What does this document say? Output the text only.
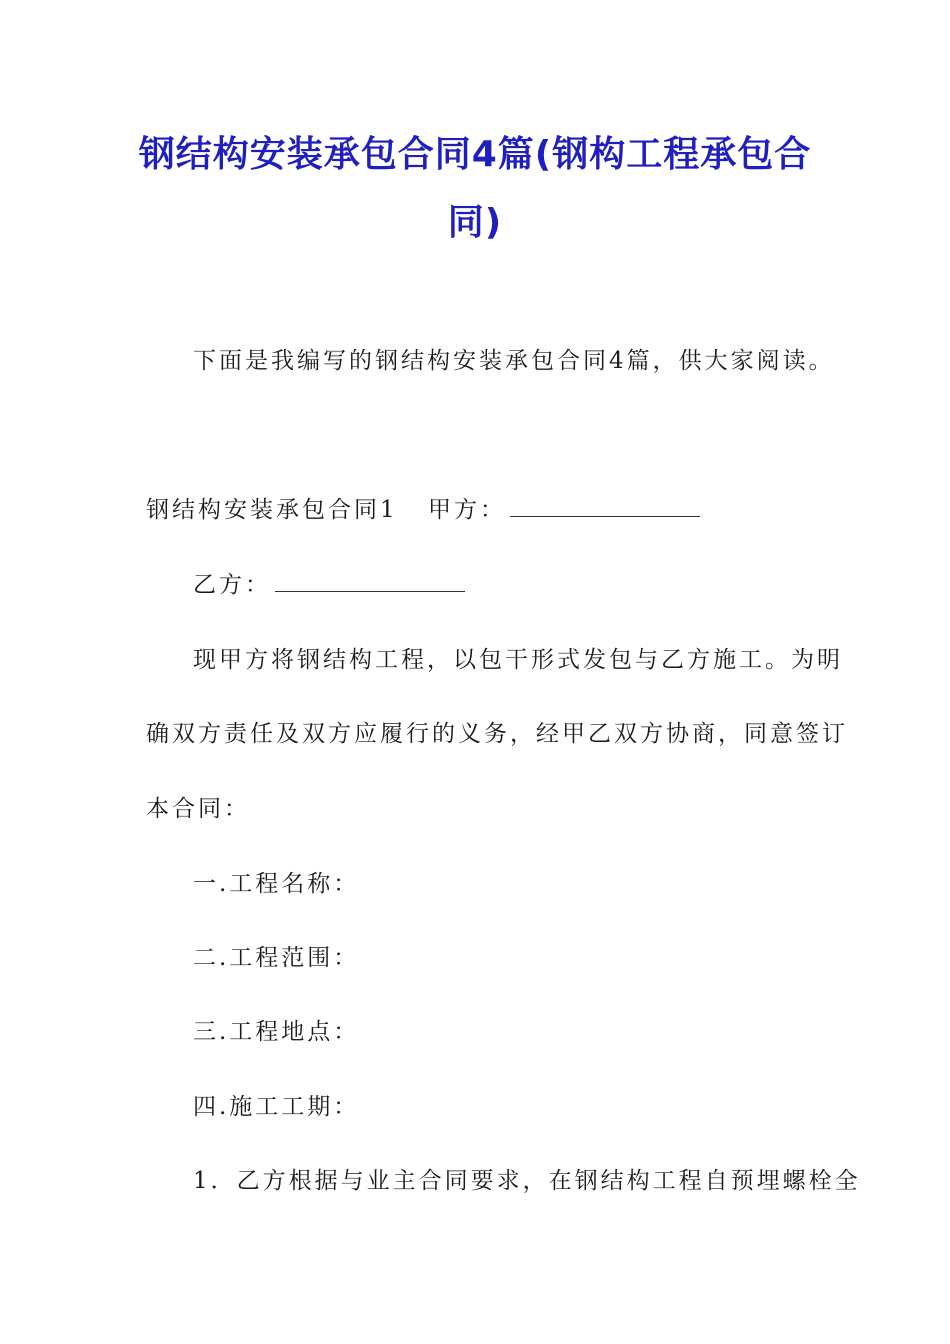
钢结构安装承包合同4篇(钢构工程承包合
同)
下面是我编写的钢结构安装承包合同4篇，供大家阅读。
钢结构安装承包合同1 甲方：
乙方：
现甲方将钢结构工程，以包干形式发包与乙方施工。为明
确双方责任及双方应履行的义务，经甲乙双方协商，同意签订
本合同：
一.工程名称：
二.工程范围：
三.工程地点：
四.施工工期：
1．乙方根据与业主合同要求，在钢结构工程自预埋螺栓全
